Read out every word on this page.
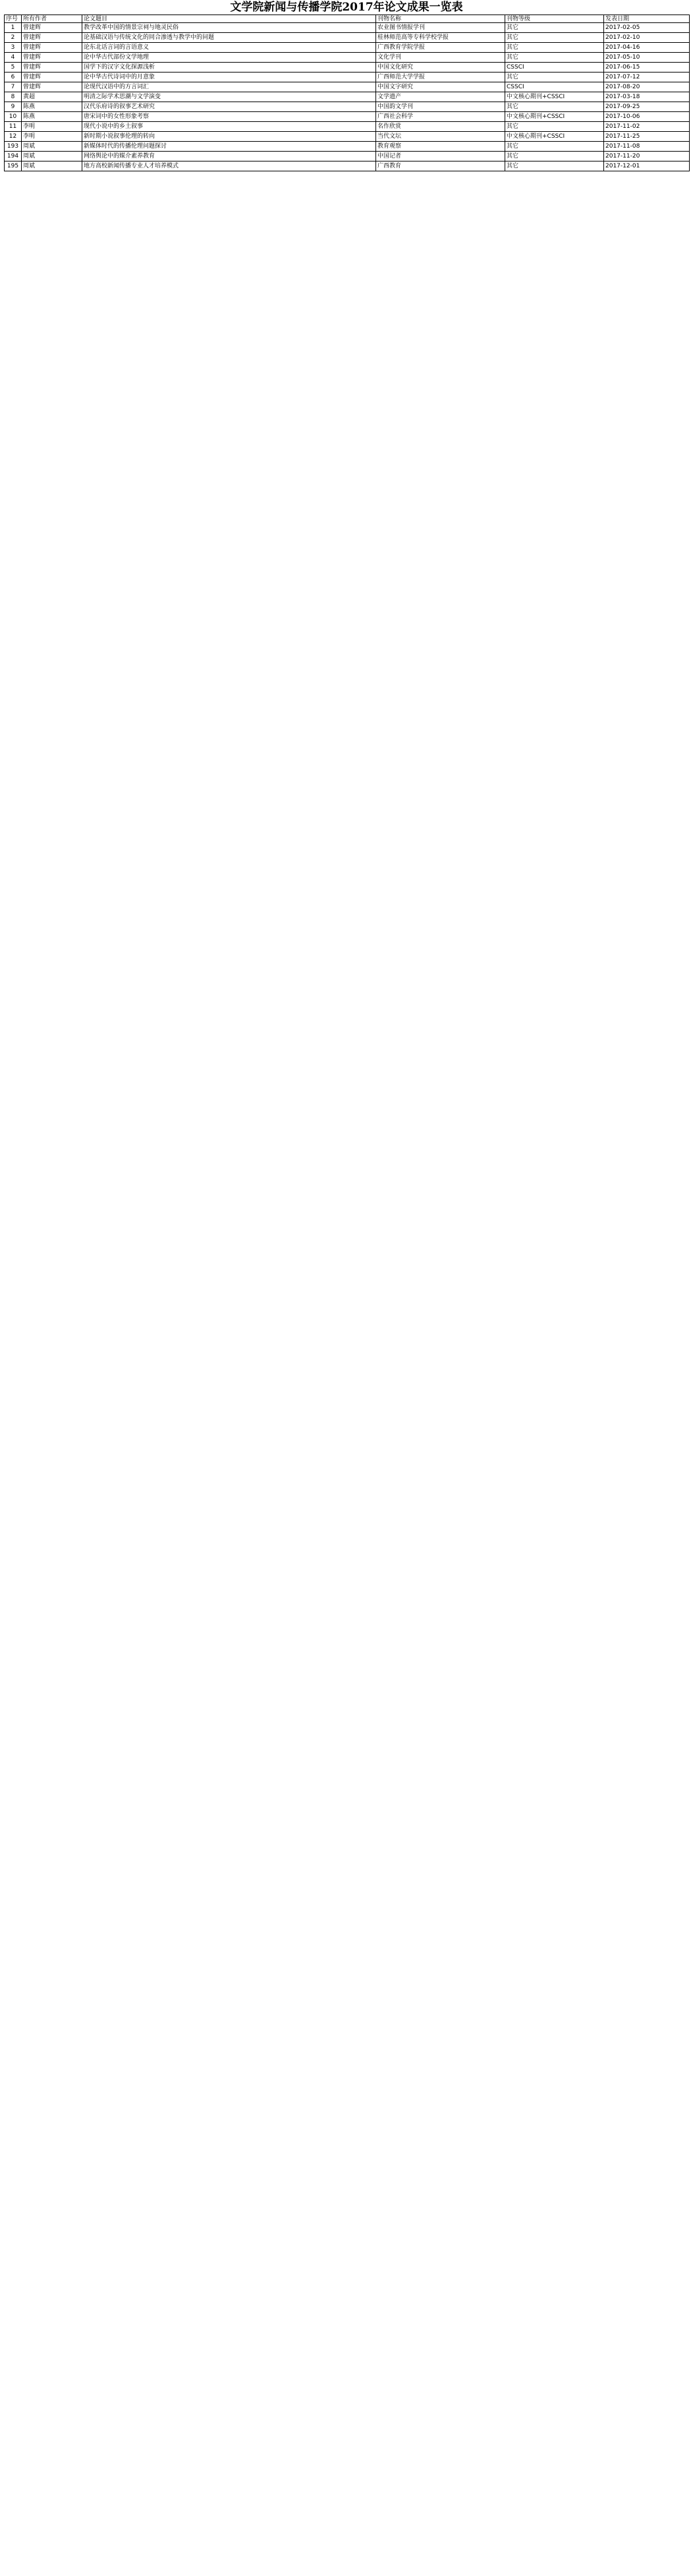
文学院新闻与传播学院2017年论文成果一览表
序号	所有作者	论文题目	刊物名称	刊物等级	发表日期
1	曾建辉	教学改革中国的情景宗祠与地灵民俗	农业图书情报学刊	其它	2017-02-05
2	曾建辉	论基础汉语与传统文化的同合渗透与教学中的问题	桂林师范高等专科学校学报	其它	2017-02-10
3	曾建辉	论东北话言词的言语意义	广西教育学院学报	其它	2017-04-16
4	曾建辉	论中华古代部份文学地理	文化学刊	其它	2017-05-10
5	曾建辉	国学下的汉字文化探源浅析	中国文化研究	CSSCI	2017-06-15
6	曾建辉	论中华古代诗词中的月意象	广西师范大学学报	其它	2017-07-12
7	曾建辉	论现代汉语中的方言词汇	中国文字研究	CSSCI	2017-08-20
8	黄超	明清之际学术思潮与文学演变	文学遗产	中文核心期刊+CSSCI	2017-03-18
9	陈燕	汉代乐府诗的叙事艺术研究	中国韵文学刊	其它	2017-09-25
10	陈燕	唐宋词中的女性形象考察	广西社会科学	中文核心期刊+CSSCI	2017-10-06
11	李明	现代小说中的乡土叙事	名作欣赏	其它	2017-11-02
12	李明	新时期小说叙事伦理的转向	当代文坛	中文核心期刊+CSSCI	2017-11-25
193	周斌	新媒体时代的传播伦理问题探讨	教育观察	其它	2017-11-08
194	周斌	网络舆论中的媒介素养教育	中国记者	其它	2017-11-20
195	周斌	地方高校新闻传播专业人才培养模式	广西教育	其它	2017-12-01
